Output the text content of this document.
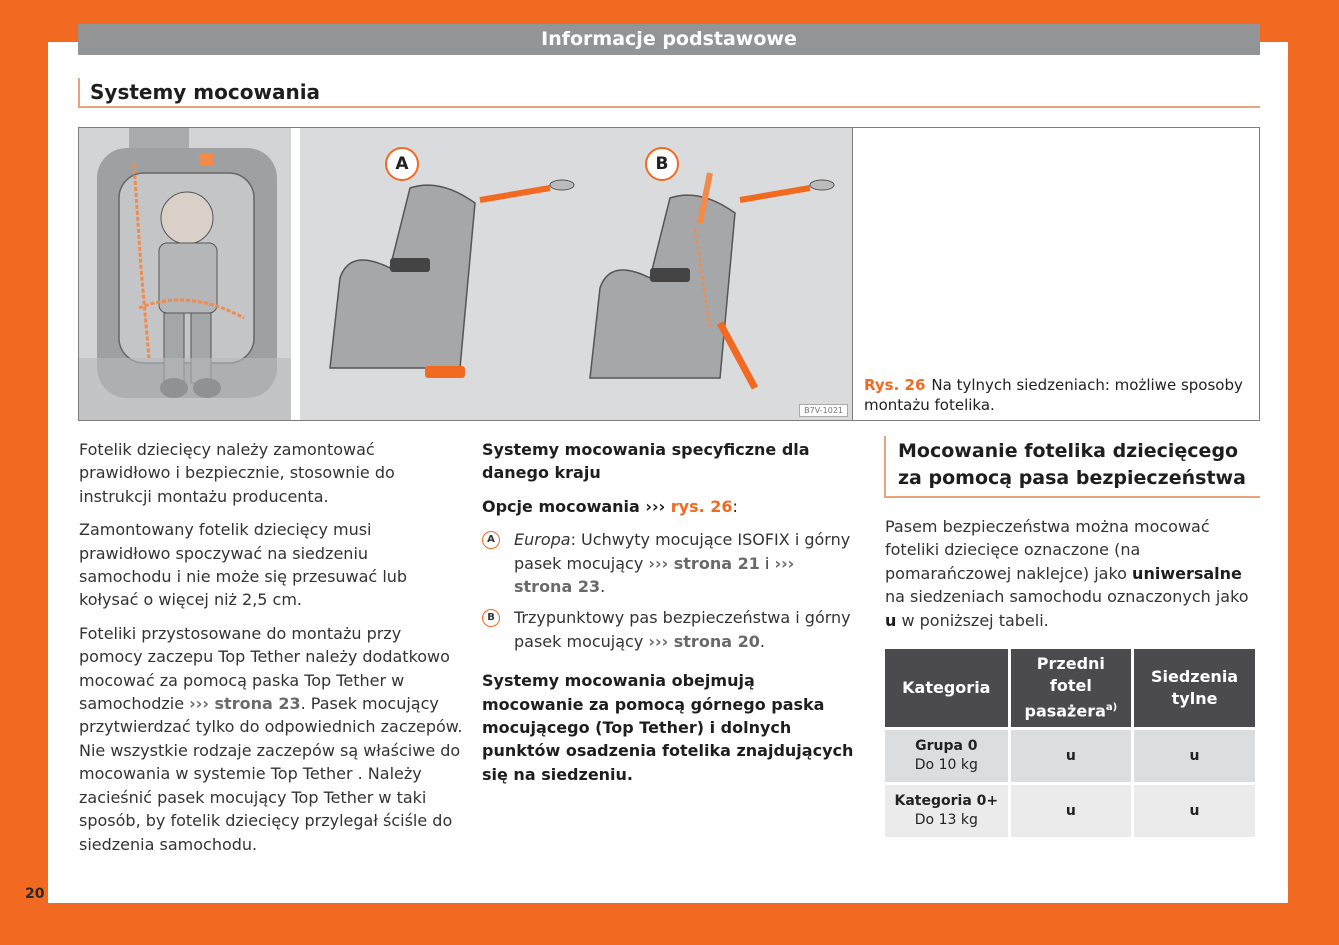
Informacje podstawowe
Systemy mocowania
A	B
B7V-1021
Rys. 26 Na tylnych siedzeniach: możliwe sposoby montażu fotelika.

Fotelik dziecięcy należy zamontować prawidłowo i bezpiecznie, stosownie do instrukcji montażu producenta.

Zamontowany fotelik dziecięcy musi prawidłowo spoczywać na siedzeniu samochodu i nie może się przesuwać lub kołysać o więcej niż 2,5 cm.

Foteliki przystosowane do montażu przy pomocy zaczepu Top Tether należy dodatkowo mocować za pomocą paska Top Tether w samochodzie ››› strona 23. Pasek mocujący przytwierdzać tylko do odpowiednich zaczepów. Nie wszystkie rodzaje zaczepów są właściwe do mocowania w systemie Top Tether . Należy zacieśnić pasek mocujący Top Tether w taki sposób, by fotelik dziecięcy przylegał ściśle do siedzenia samochodu.

Systemy mocowania specyficzne dla danego kraju

Opcje mocowania ››› rys. 26:

A	Europa: Uchwyty mocujące ISOFIX i górny pasek mocujący ››› strona 21 i ››› strona 23.
B	Trzypunktowy pas bezpieczeństwa i górny pasek mocujący ››› strona 20.

Systemy mocowania obejmują mocowanie za pomocą górnego paska mocującego (Top Tether) i dolnych punktów osadzenia fotelika znajdujących się na siedzeniu.

Mocowanie fotelika dziecięcego za pomocą pasa bezpieczeństwa

Pasem bezpieczeństwa można mocować foteliki dziecięce oznaczone (na pomarańczowej naklejce) jako uniwersalne na siedzeniach samochodu oznaczonych jako u w poniższej tabeli.

Kategoria	Przedni fotel pasażera$^{a)}$	Siedzenia tylne
Grupa 0
Do 10 kg	u	u
Kategoria 0+
Do 13 kg	u	u
20
